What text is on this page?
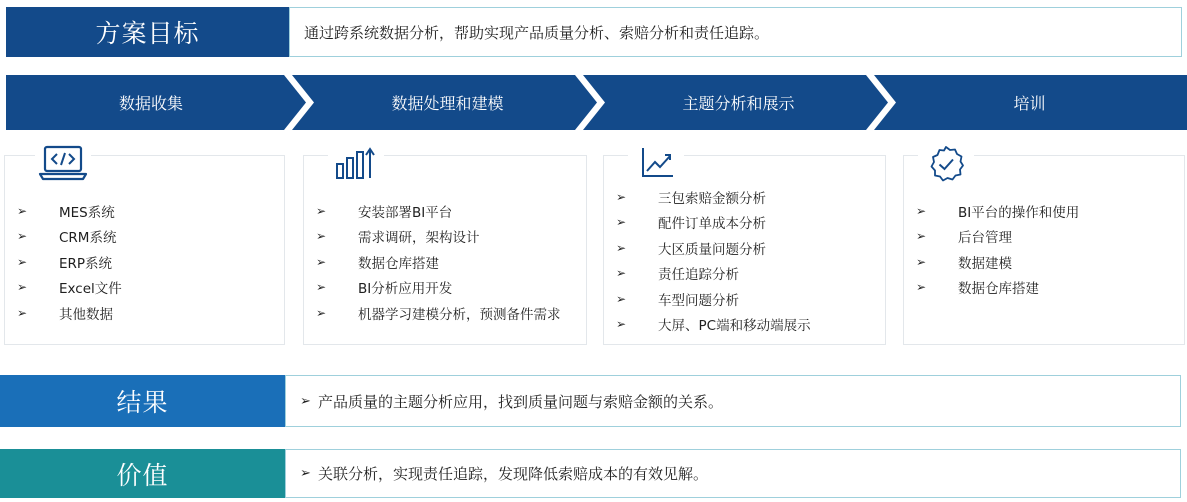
方案目标	通过跨系统数据分析，帮助实现产品质量分析、索赔分析和责任追踪。
数据收集	数据处理和建模	主题分析和展示	培训
➢	MES系统
➢	CRM系统
➢	ERP系统
➢	Excel文件
➢	其他数据
➢	安装部署BI平台
➢	需求调研，架构设计
➢	数据仓库搭建
➢	BI分析应用开发
➢	机器学习建模分析，预测备件需求
➢	三包索赔金额分析
➢	配件订单成本分析
➢	大区质量问题分析
➢	责任追踪分析
➢	车型问题分析
➢	大屏、PC端和移动端展示
➢	BI平台的操作和使用
➢	后台管理
➢	数据建模
➢	数据仓库搭建
结果	➢ 产品质量的主题分析应用，找到质量问题与索赔金额的关系。
价值	➢ 关联分析，实现责任追踪，发现降低索赔成本的有效见解。
